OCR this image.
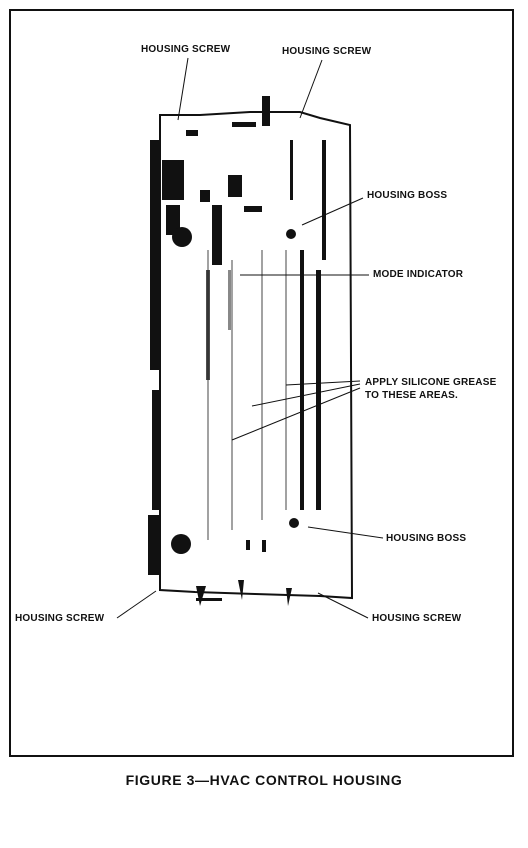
HOUSING SCREW	HOUSING SCREW
HOUSING BOSS
MODE INDICATOR
APPLY SILICONE GREASE
TO THESE AREAS.
HOUSING BOSS
HOUSING SCREW	HOUSING SCREW
FIGURE 3—HVAC CONTROL HOUSING
